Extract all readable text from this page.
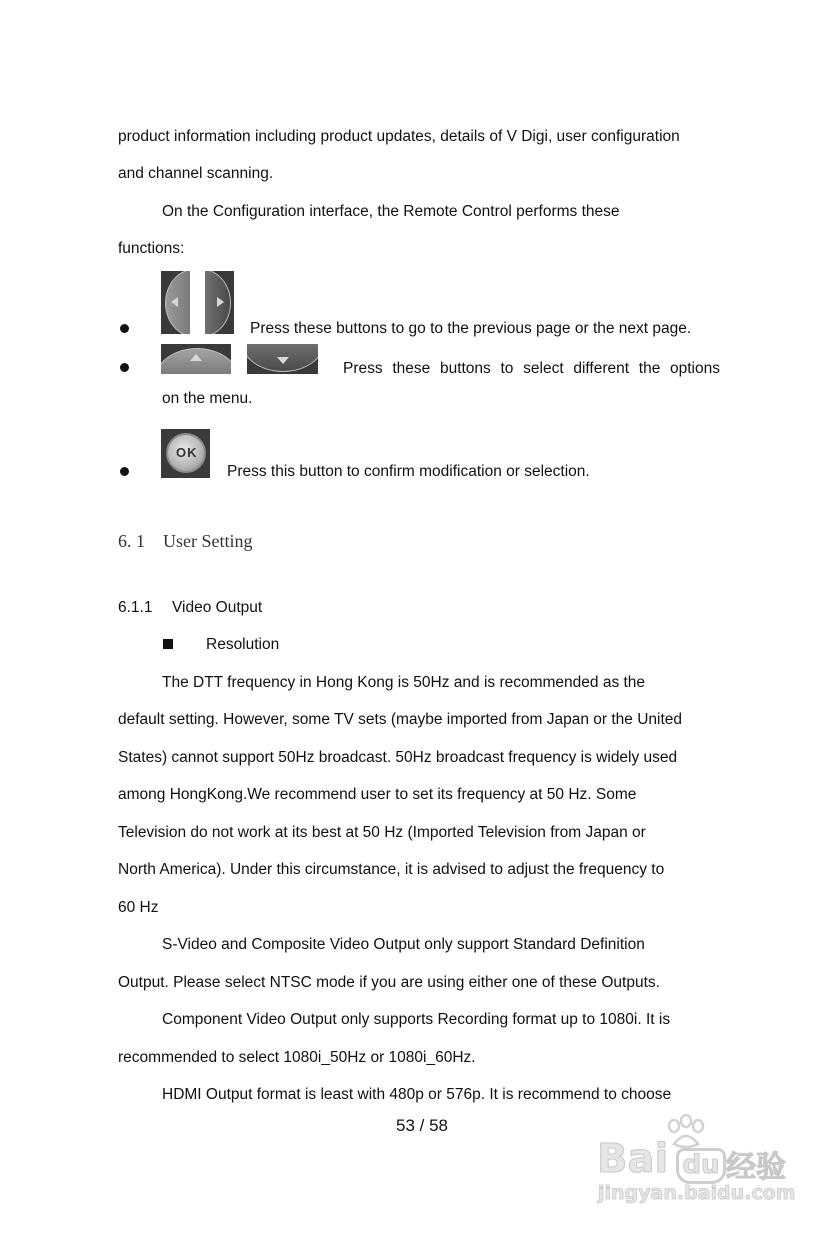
product information including product updates, details of V Digi, user configuration
and channel scanning.
On the Configuration interface, the Remote Control performs these
functions:
Press these buttons to go to the previous page or the next page.
Press these buttons to select different the options
on the menu.
OK
Press this button to confirm modification or selection.
6. 1    User Setting
6.1.1 Video Output
Resolution
The DTT frequency in Hong Kong is 50Hz and is recommended as the
default setting. However, some TV sets (maybe imported from Japan or the United
States) cannot support 50Hz broadcast. 50Hz broadcast frequency is widely used
among HongKong.We recommend user to set its frequency at 50 Hz. Some
Television do not work at its best at 50 Hz (Imported Television from Japan or
North America). Under this circumstance, it is advised to adjust the frequency to
60 Hz
S-Video and Composite Video Output only support Standard Definition
Output. Please select NTSC mode if you are using either one of these Outputs.
Component Video Output only supports Recording format up to 1080i. It is
recommended to select 1080i_50Hz or 1080i_60Hz.
HDMI Output format is least with 480p or 576p. It is recommend to choose
53 / 58
Bai du 经验
jingyan.baidu.com
